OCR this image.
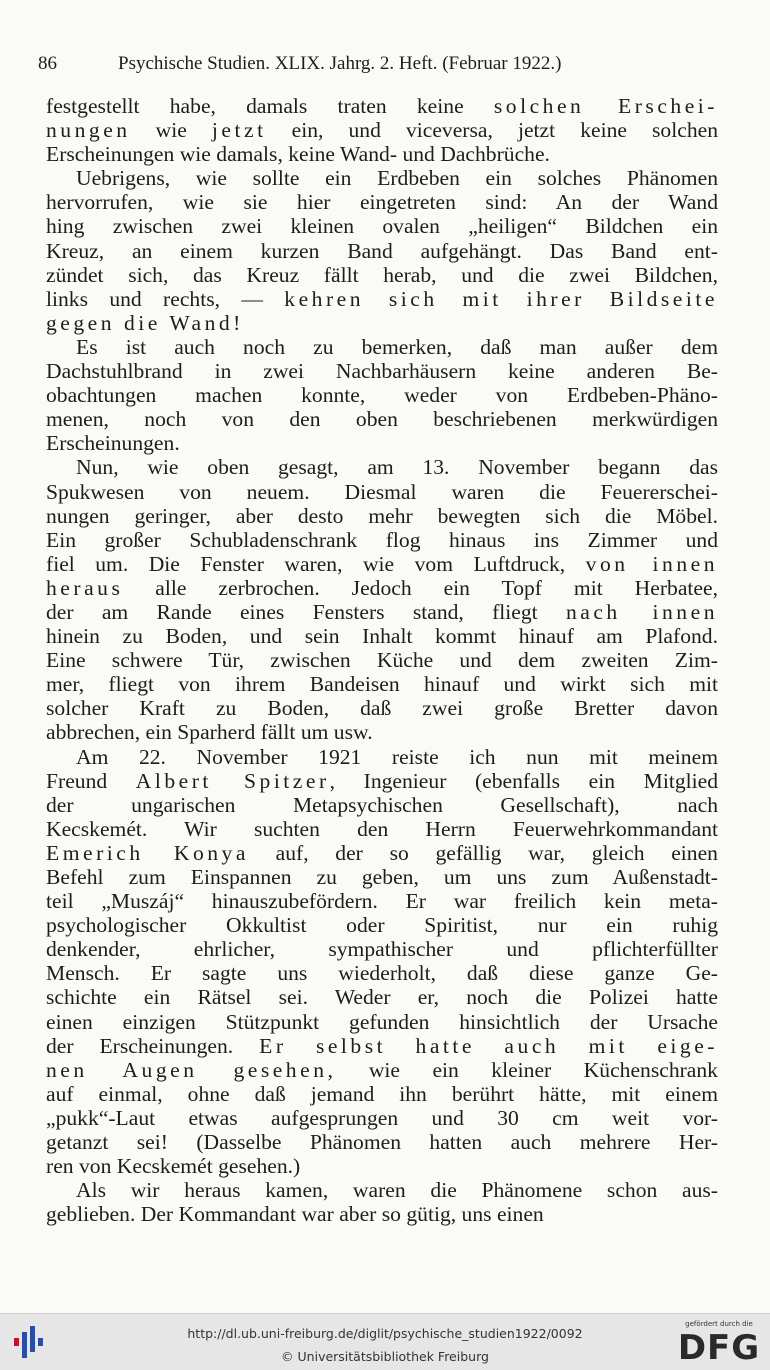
86	Psychische Studien. XLIX. Jahrg. 2. Heft. (Februar 1922.)
festgestellt habe, damals traten keine solchen Erschei-
nungen wie jetzt ein, und viceversa, jetzt keine solchen
Erscheinungen wie damals, keine Wand- und Dachbrüche.
Uebrigens, wie sollte ein Erdbeben ein solches Phänomen
hervorrufen, wie sie hier eingetreten sind: An der Wand
hing zwischen zwei kleinen ovalen „heiligen“ Bildchen ein
Kreuz, an einem kurzen Band aufgehängt. Das Band ent-
zündet sich, das Kreuz fällt herab, und die zwei Bildchen,
links und rechts, — kehren sich mit ihrer Bildseite
gegen die Wand!
Es ist auch noch zu bemerken, daß man außer dem
Dachstuhlbrand in zwei Nachbarhäusern keine anderen Be-
obachtungen machen konnte, weder von Erdbeben-Phäno-
menen, noch von den oben beschriebenen merkwürdigen
Erscheinungen.
Nun, wie oben gesagt, am 13. November begann das
Spukwesen von neuem. Diesmal waren die Feuererschei-
nungen geringer, aber desto mehr bewegten sich die Möbel.
Ein großer Schubladenschrank flog hinaus ins Zimmer und
fiel um. Die Fenster waren, wie vom Luftdruck, von innen
heraus alle zerbrochen. Jedoch ein Topf mit Herbatee,
der am Rande eines Fensters stand, fliegt nach innen
hinein zu Boden, und sein Inhalt kommt hinauf am Plafond.
Eine schwere Tür, zwischen Küche und dem zweiten Zim-
mer, fliegt von ihrem Bandeisen hinauf und wirkt sich mit
solcher Kraft zu Boden, daß zwei große Bretter davon
abbrechen, ein Sparherd fällt um usw.
Am 22. November 1921 reiste ich nun mit meinem
Freund Albert Spitzer, Ingenieur (ebenfalls ein Mitglied
der ungarischen Metapsychischen Gesellschaft), nach
Kecskemét. Wir suchten den Herrn Feuerwehrkommandant
Emerich Konya auf, der so gefällig war, gleich einen
Befehl zum Einspannen zu geben, um uns zum Außenstadt-
teil „Muszáj“ hinauszubefördern. Er war freilich kein meta-
psychologischer Okkultist oder Spiritist, nur ein ruhig
denkender, ehrlicher, sympathischer und pflichterfüllter
Mensch. Er sagte uns wiederholt, daß diese ganze Ge-
schichte ein Rätsel sei. Weder er, noch die Polizei hatte
einen einzigen Stützpunkt gefunden hinsichtlich der Ursache
der Erscheinungen. Er selbst hatte auch mit eige-
nen Augen gesehen, wie ein kleiner Küchenschrank
auf einmal, ohne daß jemand ihn berührt hätte, mit einem
„pukk“-Laut etwas aufgesprungen und 30 cm weit vor-
getanzt sei! (Dasselbe Phänomen hatten auch mehrere Her-
ren von Kecskemét gesehen.)
Als wir heraus kamen, waren die Phänomene schon aus-
geblieben. Der Kommandant war aber so gütig, uns einen
http://dl.ub.uni-freiburg.de/diglit/psychische_studien1922/0092
© Universitätsbibliothek Freiburg
gefördert durch die
DFG
